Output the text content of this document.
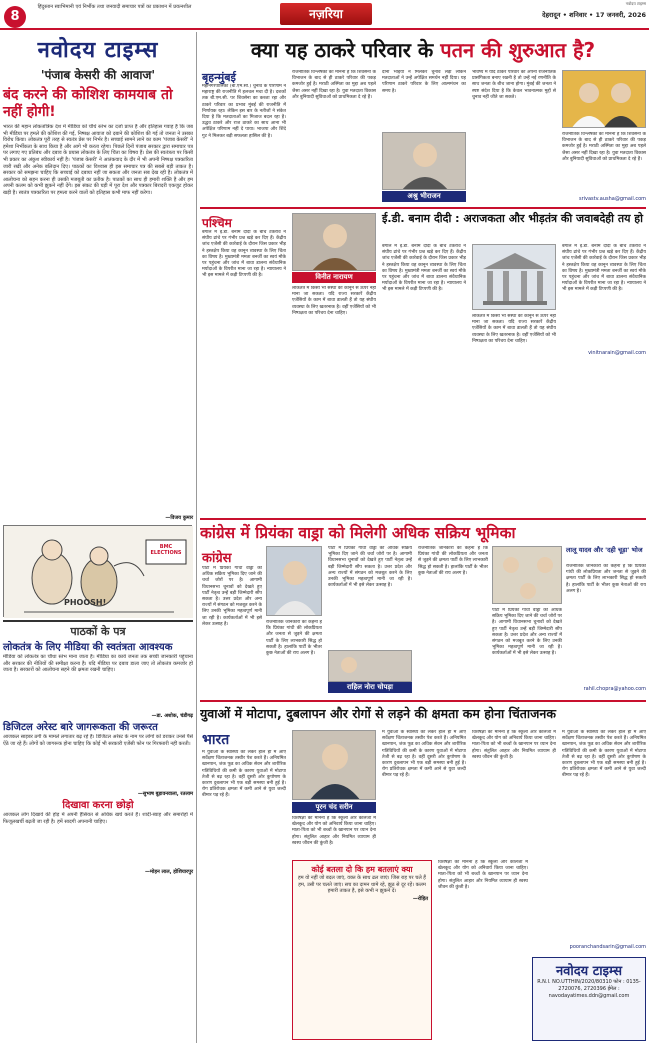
8
हिंदुस्तान स्वाभिमानी एवं निर्भीक तथा जनवादी समाचार पत्रों का प्रकाशन में प्रयत्नशील	नज़रिया
नवोदय टाइम्स
देहरादून • शनिवार • 17 जनवरी, 2026
नवोदय टाइम्स
'पंजाब केसरी की आवाज'
बंद करने की कोशिश कामयाब तो नहीं होगी!
भारत की महान लोकतांत्रिक देश में मीडिया को चौथे स्तंभ का दर्जा प्राप्त है और इतिहास गवाह है कि जब भी मीडिया पर हमले की कोशिश की गई, निष्पक्ष आवाज को दबाने की कोशिश की गई तो जनता ने उसका विरोध किया। लोकतंत्र पूरी तरह से स्वतंत्र प्रेस पर निर्भर है। सच्चाई सामने लाने का काम 'पंजाब केसरी' ने हमेशा निर्भीकता के साथ किया है और आगे भी करता रहेगा। पिछले दिनों पंजाब सरकार द्वारा समाचार पत्र पर लगाए गए प्रतिबंध और दबाव के प्रयास लोकतंत्र के लिए चिंता का विषय हैं। प्रेस की स्वतंत्रता पर किसी भी प्रकार का अंकुश स्वीकार्य नहीं है। 'पंजाब केसरी' ने आतंकवाद के दौर में भी अपनी निष्पक्ष पत्रकारिता जारी रखी और अनेक बलिदान दिए। पाठकों का विश्वास ही इस समाचार पत्र की सबसे बड़ी ताकत है। सरकार को समझना चाहिए कि सच्चाई को दबाया नहीं जा सकता और जनता सब देख रही है। लोकतंत्र में आलोचना को सहन करना ही उसकी मजबूती का प्रतीक है। पाठकों का साथ ही हमारी शक्ति है और हम अपनी कलम को कभी झुकने नहीं देंगे। इस संकट की घड़ी में पूरा देश और पत्रकार बिरादरी एकजुट होकर खड़ी है। स्वतंत्र पत्रकारिता पर हमला करने वालों को इतिहास कभी माफ नहीं करेगा।
—विजय कुमार
PHOOSH!
BMC ELECTIONS
पाठकों के पत्र
लोकतंत्र के लिए मीडिया की स्वतंत्रता आवश्यक
मीडिया को लोकतंत्र का चौथा स्तंभ माना जाता है। मीडिया का कार्य जनता तक सच्ची जानकारी पहुंचाना और सरकार की नीतियों की समीक्षा करना है। यदि मीडिया पर दबाव डाला जाए तो लोकतंत्र कमजोर हो जाता है। सरकारों को आलोचना सहने की क्षमता रखनी चाहिए।
—डा. अशोक, चंडीगढ़
डिजिटल अरेस्ट बारे जागरूकता की जरूरत
आजकल साइबर ठगी के मामले लगातार बढ़ रहे हैं। डिजिटल अरेस्ट के नाम पर लोगों को डराकर उनसे पैसे ऐंठे जा रहे हैं। लोगों को जागरूक होना चाहिए कि कोई भी सरकारी एजेंसी फोन पर गिरफ्तारी नहीं करती।
—सुभाष बुड़ावनवाला, रतलाम
दिखावा करना छोड़ो
आजकल लोग दिखावे की होड़ में अपनी हैसियत से अधिक खर्च करते हैं। शादी-ब्याह और समारोहों में फिजूलखर्ची बढ़ती जा रही है। हमें सादगी अपनानी चाहिए।
—मोहन लाल, होशियारपुर
क्या यह ठाकरे परिवार के पतन की शुरुआत है?
बृहन्मुंबई
महानगरपालिका (बी.एम.सी.) चुनाव के परिणाम ने महाराष्ट्र की राजनीति में हलचल मचा दी है। दशकों तक बी.एम.सी. पर शिवसेना का कब्जा रहा और ठाकरे परिवार का प्रभाव मुंबई की राजनीति में निर्णायक रहा। लेकिन इस बार के नतीजों ने संकेत दिया है कि मतदाताओं का मिजाज बदल रहा है। उद्धव ठाकरे और राज ठाकरे का साथ आना भी अपेक्षित परिणाम नहीं दे पाया। भाजपा और शिंदे गुट ने मिलकर बड़ी सफलता हासिल की है।
राजनीतिक विश्लेषकों का मानना है कि शिवसेना के विभाजन के बाद से ही ठाकरे परिवार की पकड़ कमजोर हुई है। मराठी अस्मिता का मुद्दा अब पहले जैसा असर नहीं दिखा रहा है। युवा मतदाता विकास और बुनियादी सुविधाओं को प्राथमिकता दे रहे हैं।
दोनों भाइयों ने मिलकर चुनाव लड़ा लेकिन मतदाताओं ने उन्हें अपेक्षित समर्थन नहीं दिया। यह परिणाम ठाकरे परिवार के लिए आत्ममंथन का समय है।
अश्रु भीराजन
भविष्य में यदि ठाकरे परिवार को अपनी राजनीतिक प्रासंगिकता बनाए रखनी है तो उन्हें नई रणनीति के साथ जनता के बीच जाना होगा। मुंबई की जनता ने स्पष्ट संदेश दिया है कि केवल भावनात्मक मुद्दों से चुनाव नहीं जीते जा सकते।
राजनीतिक विश्लेषकों का मानना है कि शिवसेना के विभाजन के बाद से ही ठाकरे परिवार की पकड़ कमजोर हुई है। मराठी अस्मिता का मुद्दा अब पहले जैसा असर नहीं दिखा रहा है। युवा मतदाता विकास और बुनियादी सुविधाओं को प्राथमिकता दे रहे हैं।
srivastv.ausha@gmail.com
पश्चिम
बंगाल में ई.डी. बनाम दीदी के बीच टकराव ने संघीय ढांचे पर गंभीर प्रश्न खड़े कर दिए हैं। केंद्रीय जांच एजेंसी की कार्रवाई के दौरान जिस प्रकार भीड़ ने हस्तक्षेप किया वह कानून व्यवस्था के लिए चिंता का विषय है। मुख्यमंत्री ममता बनर्जी का स्वयं मौके पर पहुंचना और जांच में बाधा डालना संवैधानिक मर्यादाओं के विपरीत माना जा रहा है। न्यायालय ने भी इस मामले में कड़ी टिप्पणी की है।	विनीत नारायण
लोकतंत्र में किसी भी संस्था को कानून से ऊपर नहीं माना जा सकता। यदि राज्य सरकारें केंद्रीय एजेंसियों के काम में बाधा डालती हैं तो यह संघीय व्यवस्था के लिए खतरनाक है। वहीं एजेंसियों को भी निष्पक्षता का परिचय देना चाहिए।
ई.डी. बनाम दीदी : अराजकता और भीड़तंत्र की जवाबदेही तय हो
बंगाल में ई.डी. बनाम दीदी के बीच टकराव ने संघीय ढांचे पर गंभीर प्रश्न खड़े कर दिए हैं। केंद्रीय जांच एजेंसी की कार्रवाई के दौरान जिस प्रकार भीड़ ने हस्तक्षेप किया वह कानून व्यवस्था के लिए चिंता का विषय है। मुख्यमंत्री ममता बनर्जी का स्वयं मौके पर पहुंचना और जांच में बाधा डालना संवैधानिक मर्यादाओं के विपरीत माना जा रहा है। न्यायालय ने भी इस मामले में कड़ी टिप्पणी की है।
लोकतंत्र में किसी भी संस्था को कानून से ऊपर नहीं माना जा सकता। यदि राज्य सरकारें केंद्रीय एजेंसियों के काम में बाधा डालती हैं तो यह संघीय व्यवस्था के लिए खतरनाक है। वहीं एजेंसियों को भी निष्पक्षता का परिचय देना चाहिए।
बंगाल में ई.डी. बनाम दीदी के बीच टकराव ने संघीय ढांचे पर गंभीर प्रश्न खड़े कर दिए हैं। केंद्रीय जांच एजेंसी की कार्रवाई के दौरान जिस प्रकार भीड़ ने हस्तक्षेप किया वह कानून व्यवस्था के लिए चिंता का विषय है। मुख्यमंत्री ममता बनर्जी का स्वयं मौके पर पहुंचना और जांच में बाधा डालना संवैधानिक मर्यादाओं के विपरीत माना जा रहा है। न्यायालय ने भी इस मामले में कड़ी टिप्पणी की है।
vinitnarain@gmail.com
कांग्रेस में प्रियंका वाड्रा को मिलेगी अधिक सक्रिय भूमिका
कांग्रेस
पार्टी में प्रियंका गांधी वाड्रा को अधिक सक्रिय भूमिका दिए जाने की चर्चा जोरों पर है। आगामी विधानसभा चुनावों को देखते हुए पार्टी नेतृत्व उन्हें बड़ी जिम्मेदारी सौंप सकता है। उत्तर प्रदेश और अन्य राज्यों में संगठन को मजबूत करने के लिए उनकी भूमिका महत्वपूर्ण मानी जा रही है। कार्यकर्ताओं में भी इसे लेकर उत्साह है।	राजनीतिक जानकारों का कहना है कि प्रियंका गांधी की लोकप्रियता और जनता से जुड़ने की क्षमता पार्टी के लिए लाभकारी सिद्ध हो सकती है। हालांकि पार्टी के भीतर कुछ नेताओं की राय अलग है।
पार्टी में प्रियंका गांधी वाड्रा को अधिक सक्रिय भूमिका दिए जाने की चर्चा जोरों पर है। आगामी विधानसभा चुनावों को देखते हुए पार्टी नेतृत्व उन्हें बड़ी जिम्मेदारी सौंप सकता है। उत्तर प्रदेश और अन्य राज्यों में संगठन को मजबूत करने के लिए उनकी भूमिका महत्वपूर्ण मानी जा रही है। कार्यकर्ताओं में भी इसे लेकर उत्साह है।
राहिल नोरा चोपड़ा
राजनीतिक जानकारों का कहना है कि प्रियंका गांधी की लोकप्रियता और जनता से जुड़ने की क्षमता पार्टी के लिए लाभकारी सिद्ध हो सकती है। हालांकि पार्टी के भीतर कुछ नेताओं की राय अलग है।
पार्टी में प्रियंका गांधी वाड्रा को अधिक सक्रिय भूमिका दिए जाने की चर्चा जोरों पर है। आगामी विधानसभा चुनावों को देखते हुए पार्टी नेतृत्व उन्हें बड़ी जिम्मेदारी सौंप सकता है। उत्तर प्रदेश और अन्य राज्यों में संगठन को मजबूत करने के लिए उनकी भूमिका महत्वपूर्ण मानी जा रही है। कार्यकर्ताओं में भी इसे लेकर उत्साह है।
लालू यादव और 'दही चूड़ा' भोज
राजनीतिक जानकारों का कहना है कि प्रियंका गांधी की लोकप्रियता और जनता से जुड़ने की क्षमता पार्टी के लिए लाभकारी सिद्ध हो सकती है। हालांकि पार्टी के भीतर कुछ नेताओं की राय अलग है।
rahil.chopra@yahoo.com
युवाओं में मोटापा, दुबलापन और रोगों से लड़ने की क्षमता कम होना चिंताजनक
भारत
में युवाओं के स्वास्थ्य को लेकर हाल ही में आए सर्वेक्षण चिंताजनक तस्वीर पेश करते हैं। अनियमित खानपान, जंक फूड का अधिक सेवन और शारीरिक गतिविधियों की कमी के कारण युवाओं में मोटापा तेजी से बढ़ रहा है। वहीं दूसरी ओर कुपोषण के कारण दुबलापन भी एक बड़ी समस्या बनी हुई है। रोग प्रतिरोधक क्षमता में कमी आने से युवा जल्दी बीमार पड़ रहे हैं।
पूरन चंद सरीन
विशेषज्ञों का मानना है कि स्कूलों और कॉलेजों में खेलकूद और योग को अनिवार्य किया जाना चाहिए। माता-पिता को भी बच्चों के खानपान पर ध्यान देना होगा। संतुलित आहार और नियमित व्यायाम ही स्वस्थ जीवन की कुंजी है।
कोई बतला दो कि हम बतलाएं क्या
हम वो नहीं जो बदल जाएं, वक्त के साथ ढल जाएं। जिस राह पर चले हैं हम, उसी पर चलते जाएं। सच का दामन थामे रहे, झूठ से दूर रहें। कलम हमारी ताकत है, इसे कभी न झुकने दें।
—रोहित
में युवाओं के स्वास्थ्य को लेकर हाल ही में आए सर्वेक्षण चिंताजनक तस्वीर पेश करते हैं। अनियमित खानपान, जंक फूड का अधिक सेवन और शारीरिक गतिविधियों की कमी के कारण युवाओं में मोटापा तेजी से बढ़ रहा है। वहीं दूसरी ओर कुपोषण के कारण दुबलापन भी एक बड़ी समस्या बनी हुई है। रोग प्रतिरोधक क्षमता में कमी आने से युवा जल्दी बीमार पड़ रहे हैं।
विशेषज्ञों का मानना है कि स्कूलों और कॉलेजों में खेलकूद और योग को अनिवार्य किया जाना चाहिए। माता-पिता को भी बच्चों के खानपान पर ध्यान देना होगा। संतुलित आहार और नियमित व्यायाम ही स्वस्थ जीवन की कुंजी है।
विशेषज्ञों का मानना है कि स्कूलों और कॉलेजों में खेलकूद और योग को अनिवार्य किया जाना चाहिए। माता-पिता को भी बच्चों के खानपान पर ध्यान देना होगा। संतुलित आहार और नियमित व्यायाम ही स्वस्थ जीवन की कुंजी है।
में युवाओं के स्वास्थ्य को लेकर हाल ही में आए सर्वेक्षण चिंताजनक तस्वीर पेश करते हैं। अनियमित खानपान, जंक फूड का अधिक सेवन और शारीरिक गतिविधियों की कमी के कारण युवाओं में मोटापा तेजी से बढ़ रहा है। वहीं दूसरी ओर कुपोषण के कारण दुबलापन भी एक बड़ी समस्या बनी हुई है। रोग प्रतिरोधक क्षमता में कमी आने से युवा जल्दी बीमार पड़ रहे हैं।
pooranchandsarin@gmail.com
नवोदय टाइम्स
R.N.I. NO.UTTHIN/2020/80310 फोन : 0135-2720076, 2720396 ईमेल : navodayatimes.ddn@gmail.com
